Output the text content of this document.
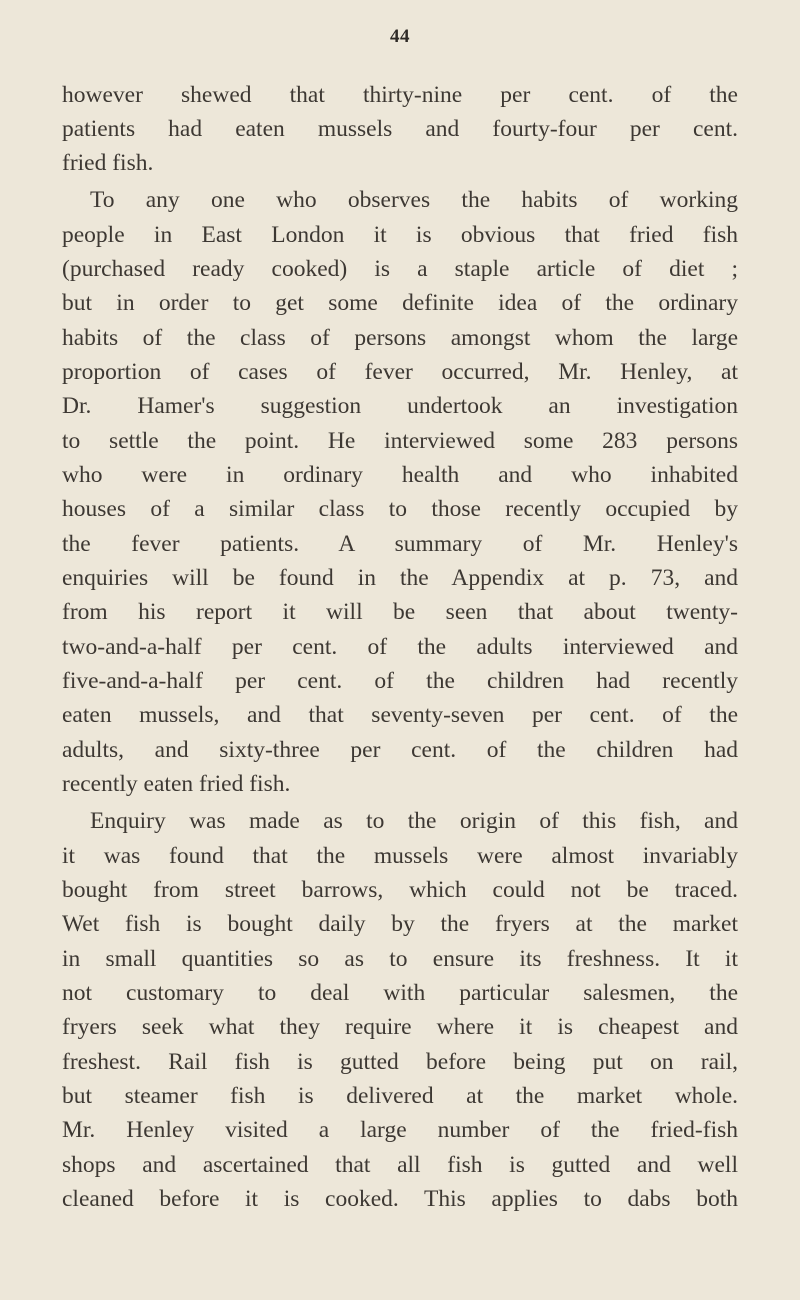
44
however shewed that thirty-nine per cent. of the
patients had eaten mussels and fourty-four per cent.
fried fish.
To any one who observes the habits of working
people in East London it is obvious that fried fish
(purchased ready cooked) is a staple article of diet ;
but in order to get some definite idea of the ordinary
habits of the class of persons amongst whom the large
proportion of cases of fever occurred, Mr. Henley, at
Dr. Hamer's suggestion undertook an investigation
to settle the point. He interviewed some 283 persons
who were in ordinary health and who inhabited
houses of a similar class to those recently occupied by
the fever patients. A summary of Mr. Henley's
enquiries will be found in the Appendix at p. 73, and
from his report it will be seen that about twenty-
two-and-a-half per cent. of the adults interviewed and
five-and-a-half per cent. of the children had recently
eaten mussels, and that seventy-seven per cent. of the
adults, and sixty-three per cent. of the children had
recently eaten fried fish.
Enquiry was made as to the origin of this fish, and
it was found that the mussels were almost invariably
bought from street barrows, which could not be traced.
Wet fish is bought daily by the fryers at the market
in small quantities so as to ensure its freshness. It it
not customary to deal with particular salesmen, the
fryers seek what they require where it is cheapest and
freshest. Rail fish is gutted before being put on rail,
but steamer fish is delivered at the market whole.
Mr. Henley visited a large number of the fried-fish
shops and ascertained that all fish is gutted and well
cleaned before it is cooked. This applies to dabs both
